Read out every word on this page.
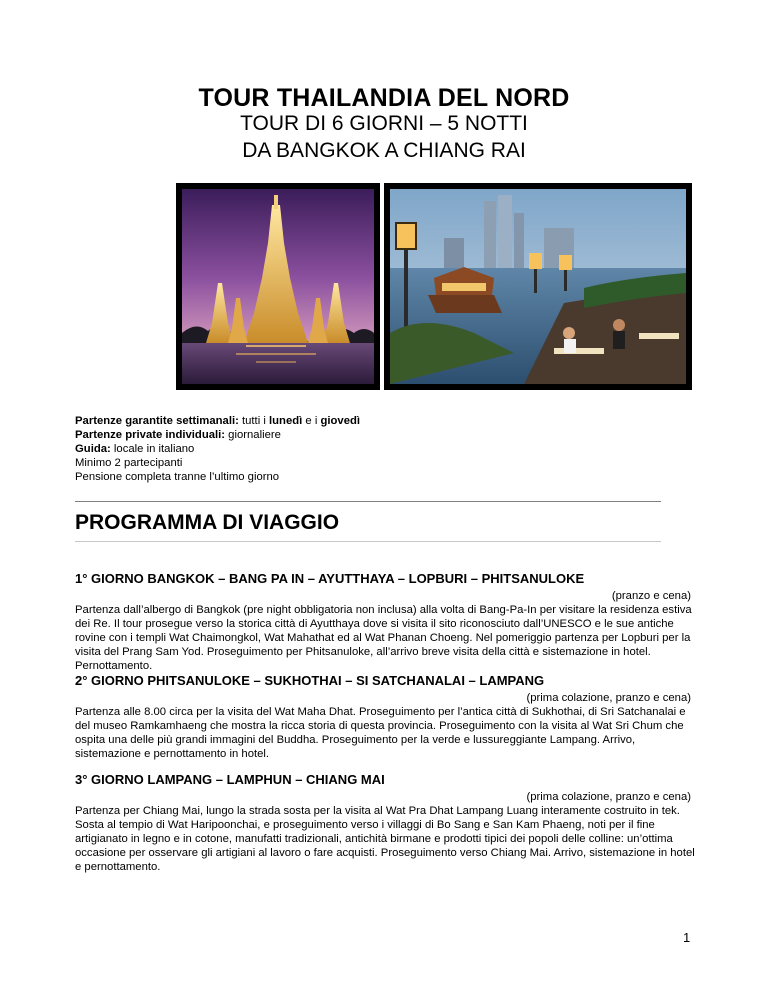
TOUR THAILANDIA DEL NORD
TOUR DI 6 GIORNI – 5 NOTTI
DA BANGKOK A CHIANG RAI
Partenze garantite settimanali: tutti i lunedì e i giovedì
Partenze private individuali: giornaliere
Guida: locale in italiano
Minimo 2 partecipanti
Pensione completa tranne l’ultimo giorno
PROGRAMMA DI VIAGGIO
1° GIORNO BANGKOK – BANG PA IN – AYUTTHAYA – LOPBURI – PHITSANULOKE
(pranzo e cena)
Partenza dall’albergo di Bangkok (pre night obbligatoria non inclusa) alla volta di Bang-Pa-In per visitare la residenza estiva dei Re. Il tour prosegue verso la storica città di Ayutthaya dove si visita il sito riconosciuto dall’UNESCO e le sue antiche rovine con i templi Wat Chaimongkol, Wat Mahathat ed al Wat Phanan Choeng. Nel pomeriggio partenza per Lopburi per la visita del Prang Sam Yod. Proseguimento per Phitsanuloke, all’arrivo breve visita della città e sistemazione in hotel. Pernottamento.
2° GIORNO PHITSANULOKE – SUKHOTHAI – SI SATCHANALAI – LAMPANG
(prima colazione, pranzo e cena)
Partenza alle 8.00 circa per la visita del Wat Maha Dhat. Proseguimento per l’antica città di Sukhothai, di Sri Satchanalai e del museo Ramkamhaeng che mostra la ricca storia di questa provincia. Proseguimento con la visita al Wat Sri Chum che ospita una delle più grandi immagini del Buddha. Proseguimento per la verde e lussureggiante Lampang. Arrivo, sistemazione e pernottamento in hotel.
3° GIORNO LAMPANG – LAMPHUN – CHIANG MAI
(prima colazione, pranzo e cena)
Partenza per Chiang Mai, lungo la strada sosta per la visita al Wat Pra Dhat Lampang Luang interamente costruito in tek. Sosta al tempio di Wat Haripoonchai, e proseguimento verso i villaggi di Bo Sang e San Kam Phaeng, noti per il fine artigianato in legno e in cotone, manufatti tradizionali, antichità birmane e prodotti tipici dei popoli delle colline: un’ottima occasione per osservare gli artigiani al lavoro o fare acquisti. Proseguimento verso Chiang Mai. Arrivo, sistemazione in hotel e pernottamento.
1
